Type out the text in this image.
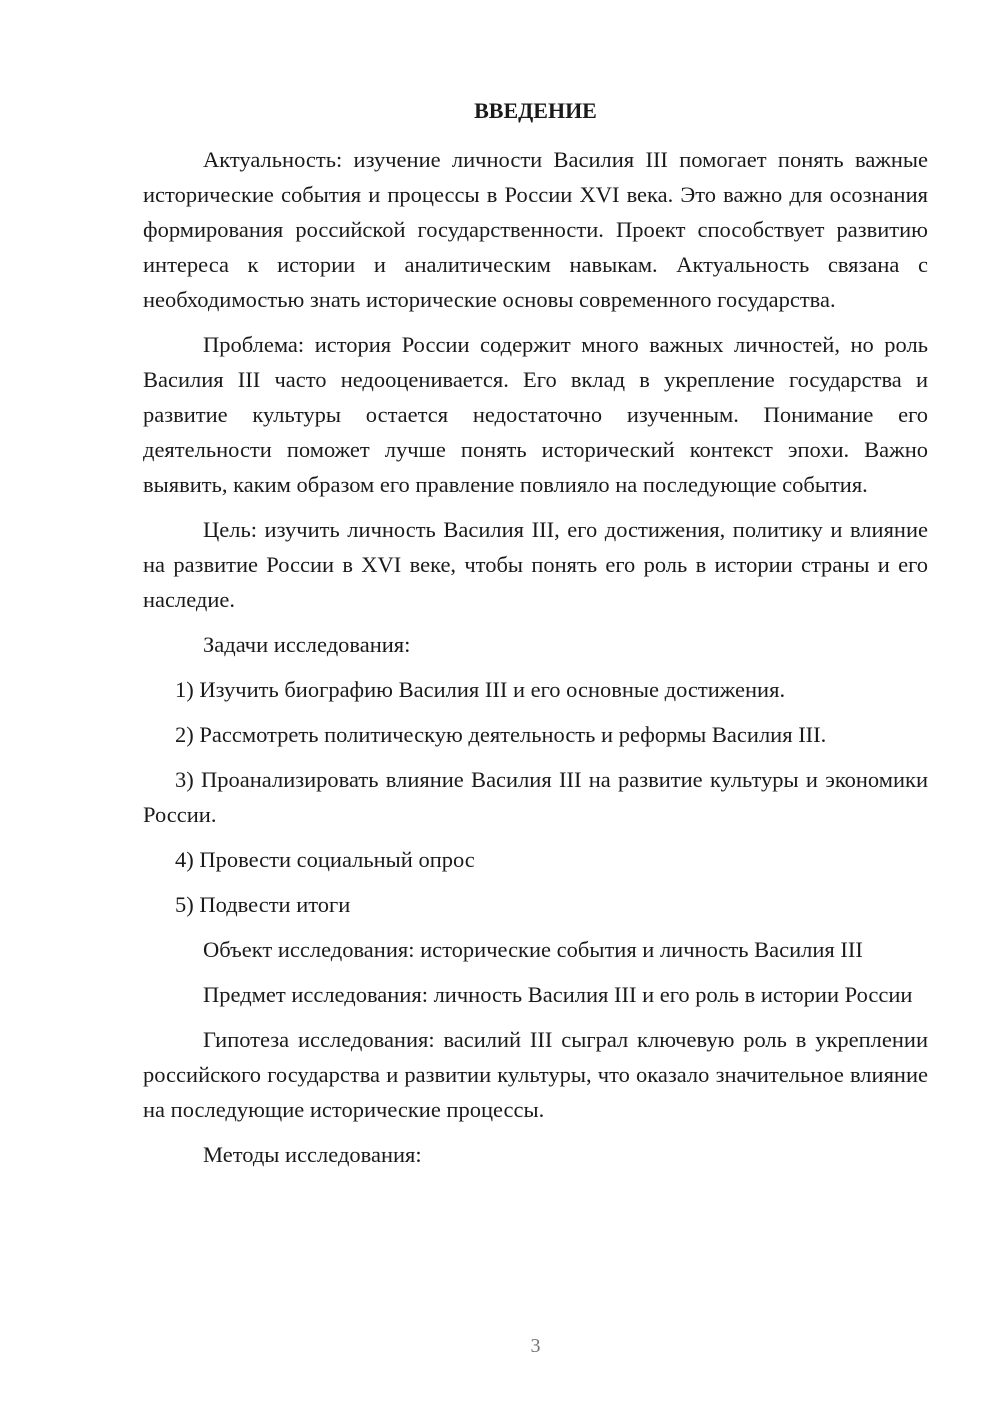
ВВЕДЕНИЕ

Актуальность: изучение личности Василия III помогает понять важные исторические события и процессы в России XVI века. Это важно для осознания формирования российской государственности. Проект способствует развитию интереса к истории и аналитическим навыкам. Актуальность связана с необходимостью знать исторические основы современного государства.

Проблема: история России содержит много важных личностей, но роль Василия III часто недооценивается. Его вклад в укрепление государства и развитие культуры остается недостаточно изученным. Понимание его деятельности поможет лучше понять исторический контекст эпохи. Важно выявить, каким образом его правление повлияло на последующие события.

Цель: изучить личность Василия III, его достижения, политику и влияние на развитие России в XVI веке, чтобы понять его роль в истории страны и его наследие.

Задачи исследования:

1) Изучить биографию Василия III и его основные достижения.

2) Рассмотреть политическую деятельность и реформы Василия III.

3) Проанализировать влияние Василия III на развитие культуры и экономики России.

4) Провести социальный опрос

5) Подвести итоги

Объект исследования: исторические события и личность Василия III

Предмет исследования: личность Василия III и его роль в истории России

Гипотеза исследования: василий III сыграл ключевую роль в укреплении российского государства и развитии культуры, что оказало значительное влияние на последующие исторические процессы.

Методы исследования:

3
